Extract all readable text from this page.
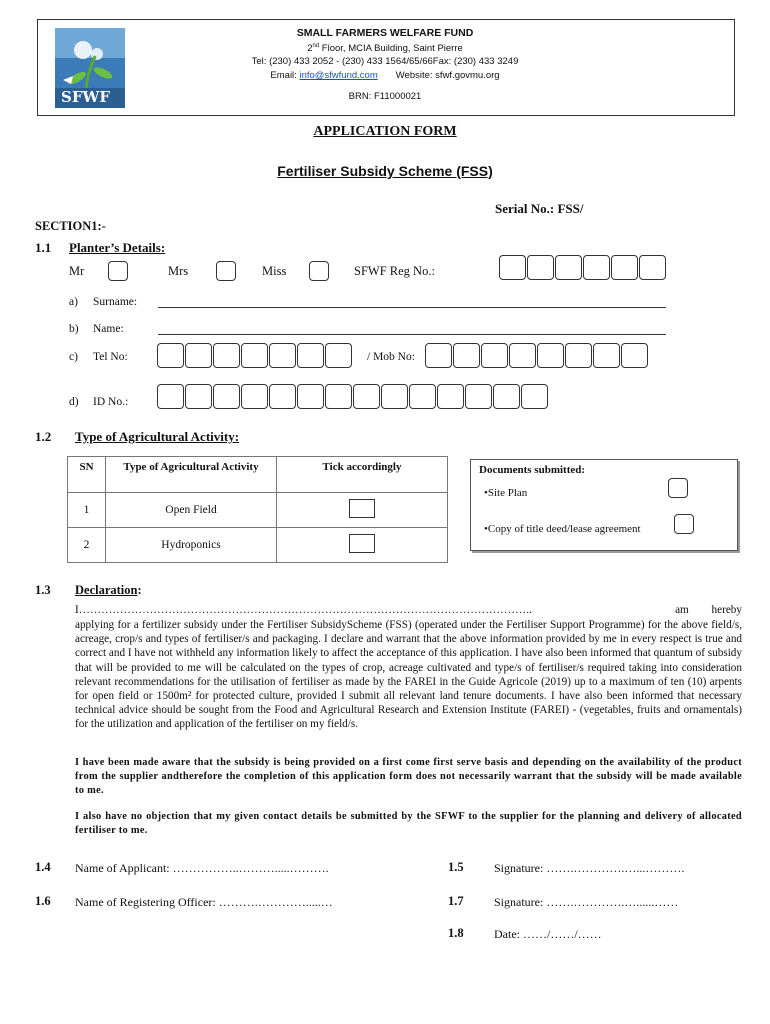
SFWF
SMALL FARMERS WELFARE FUND
2nd Floor, MCIA Building, Saint Pierre
Tel: (230) 433 2052 - (230) 433 1564/65/66Fax: (230) 433 3249
Email: info@sfwfund.com Website: sfwf.govmu.org
BRN: F11000021
APPLICATION FORM
Fertiliser Subsidy Scheme (FSS)
Serial No.: FSS/
SECTION1:-
1.1 Planter’s Details:
Mr	Mrs	Miss	SFWF Reg No.:
a) Surname:
b) Name:
c) Tel No:	/ Mob No:
d) ID No.:
1.2 Type of Agricultural Activity:
SN	Type of Agricultural Activity	Tick accordingly
1	Open Field	
2	Hydroponics	
Documents submitted:
•Site Plan
•Copy of title deed/lease agreement
1.3 Declaration:
I…………………………………………………………………………………………………………..	am hereby
applying for a fertilizer subsidy under the Fertiliser SubsidyScheme (FSS) (operated under the Fertiliser Support Programme) for the above field/s, acreage, crop/s and types of fertiliser/s and packaging. I declare and warrant that the above information provided by me in every respect is true and correct and I have not withheld any information likely to affect the acceptance of this application. I have also been informed that quantum of subsidy that will be provided to me will be calculated on the types of crop, acreage cultivated and type/s of fertiliser/s required taking into consideration relevant recommendations for the utilisation of fertiliser as made by the FAREI in the Guide Agricole (2019) up to a maximum of ten (10) arpents for open field or 1500m² for protected culture, provided I submit all relevant land tenure documents. I have also been informed that necessary technical advice should be sought from the Food and Agricultural Research and Extension Institute (FAREI) - (vegetables, fruits and ornamentals) for the utilization and application of the fertiliser on my field/s.
I have been made aware that the subsidy is being provided on a first come first serve basis and depending on the availability of the product from the supplier andtherefore the completion of this application form does not necessarily warrant that the subsidy will be made available to me.
I also have no objection that my given contact details be submitted by the SFWF to the supplier for the planning and delivery of allocated fertiliser to me.
1.4 Name of Applicant: ……………..……….....……….	1.5	Signature: …….………….…...……….
1.6 Name of Registering Officer: ……….………….....…	1.7	Signature: …….………….…......……
1.8	Date: ……/……/……
